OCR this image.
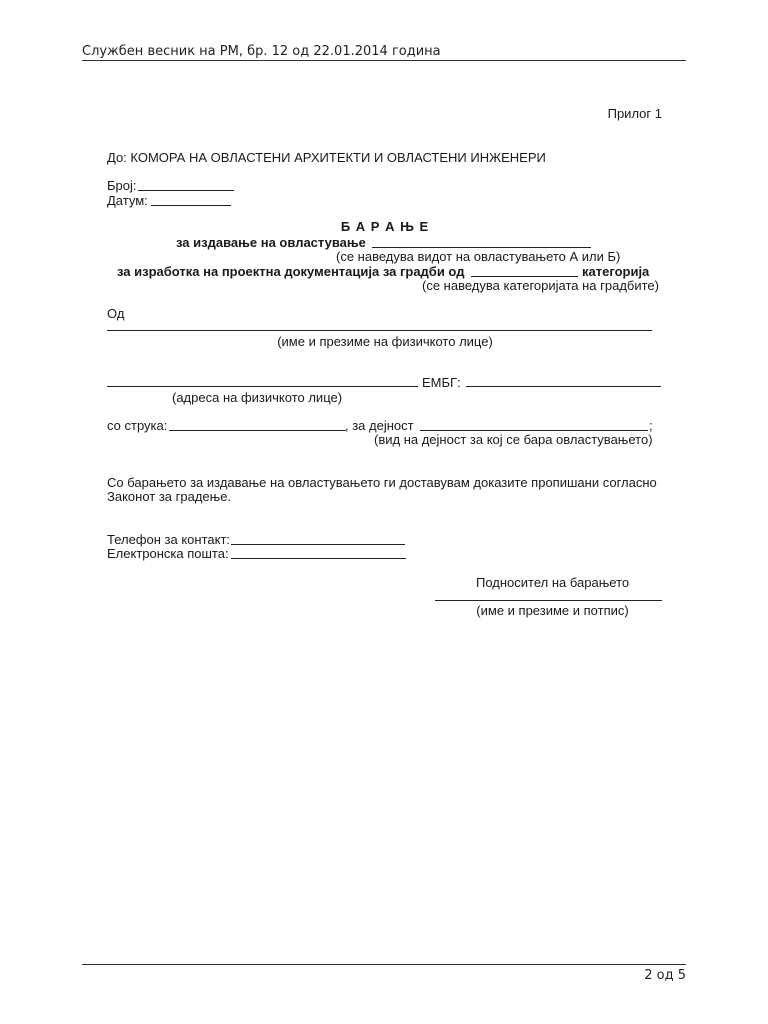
Службен весник на РМ, бр. 12 од 22.01.2014 година
Прилог 1
До: КОМОРА НА ОВЛАСТЕНИ АРХИТЕКТИ И ОВЛАСТЕНИ ИНЖЕНЕРИ
Број:
Датум:
Б А Р А Њ Е
за издавање на овластување
(се наведува видот на овластувањето А или Б)
за изработка на проектна документација за градби од	категорија
(се наведува категоријата на градбите)
Од
(име и презиме на физичкото лице)
ЕМБГ:
(адреса на физичкото лице)
со струка:	, за дејност	;
(вид на дејност за кој се бара овластувањето)
Со барањето за издавање на овластувањето ги доставувам доказите пропишани согласно
Законот за градење.
Телефон за контакт:
Електронска пошта:
Подносител на барањето
(име и презиме и потпис)
2 од 5
